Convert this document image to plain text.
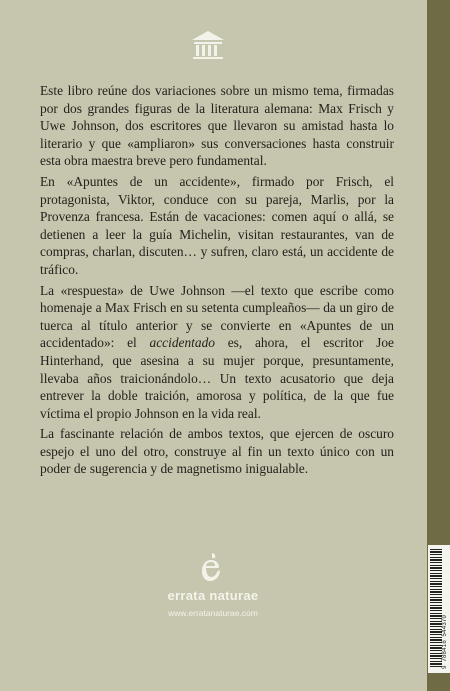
Este libro reúne dos variaciones sobre un mismo tema, firmadas por dos grandes figuras de la literatura alemana: Max Frisch y Uwe Johnson, dos escritores que llevaron su amistad hasta lo literario y que «ampliaron» sus conversaciones hasta construir esta obra maestra breve pero fundamental.

En «Apuntes de un accidente», firmado por Frisch, el protagonista, Viktor, conduce con su pareja, Marlis, por la Provenza francesa. Están de vacaciones: comen aquí o allá, se detienen a leer la guía Michelin, visitan restaurantes, van de compras, charlan, discuten… y sufren, claro está, un accidente de tráfico.

La «respuesta» de Uwe Johnson —el texto que escribe como homenaje a Max Frisch en su setenta cumpleaños— da un giro de tuerca al título anterior y se convierte en «Apuntes de un accidentado»: el accidentado es, ahora, el escritor Joe Hinterhand, que asesina a su mujer porque, presuntamente, llevaba años traicionándolo… Un texto acusatorio que deja entrever la doble traición, amorosa y política, de la que fue víctima el propio Johnson en la vida real.

La fascinante relación de ambos textos, que ejercen de oscuro espejo el uno del otro, construye al fin un texto único con un poder de sugerencia y de magnetismo inigualable.

errata naturae
www.erratanaturae.com
9 788416 544370
